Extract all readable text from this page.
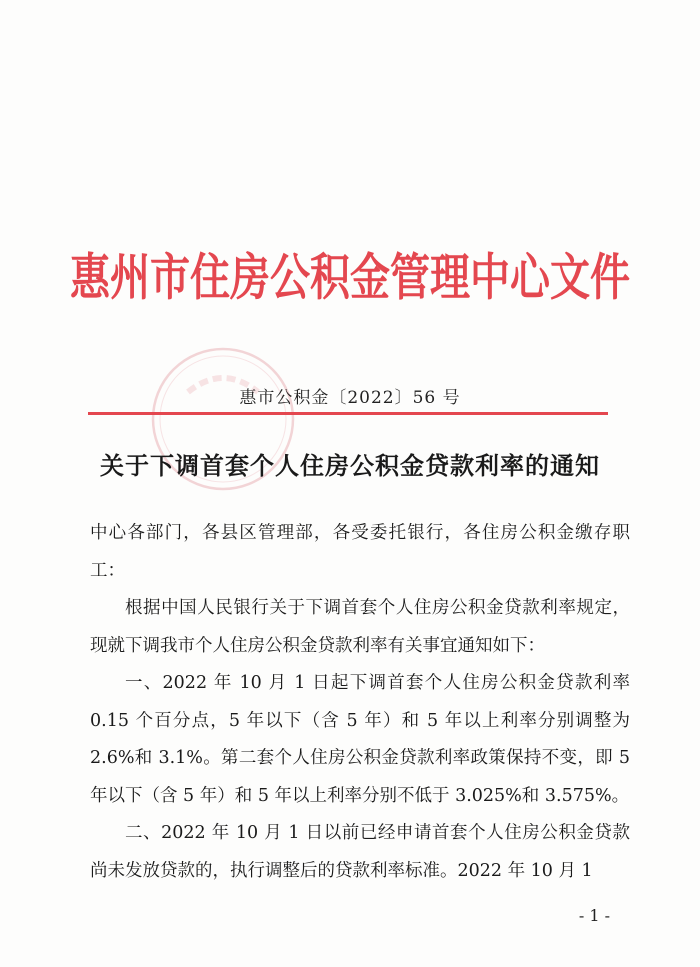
惠州市住房公积金管理中心文件
惠市公积金〔2022〕56 号
关于下调首套个人住房公积金贷款利率的通知

中心各部门，各县区管理部，各受委托银行，各住房公积金缴存职工：

根据中国人民银行关于下调首套个人住房公积金贷款利率规定，现就下调我市个人住房公积金贷款利率有关事宜通知如下：

一、2022 年 10 月 1 日起下调首套个人住房公积金贷款利率 0.15 个百分点，5 年以下（含 5 年）和 5 年以上利率分别调整为 2.6%和 3.1%。第二套个人住房公积金贷款利率政策保持不变，即 5 年以下（含 5 年）和 5 年以上利率分别不低于 3.025%和 3.575%。

二、2022 年 10 月 1 日以前已经申请首套个人住房公积金贷款尚未发放贷款的，执行调整后的贷款利率标准。2022 年 10 月 1

- 1 -
